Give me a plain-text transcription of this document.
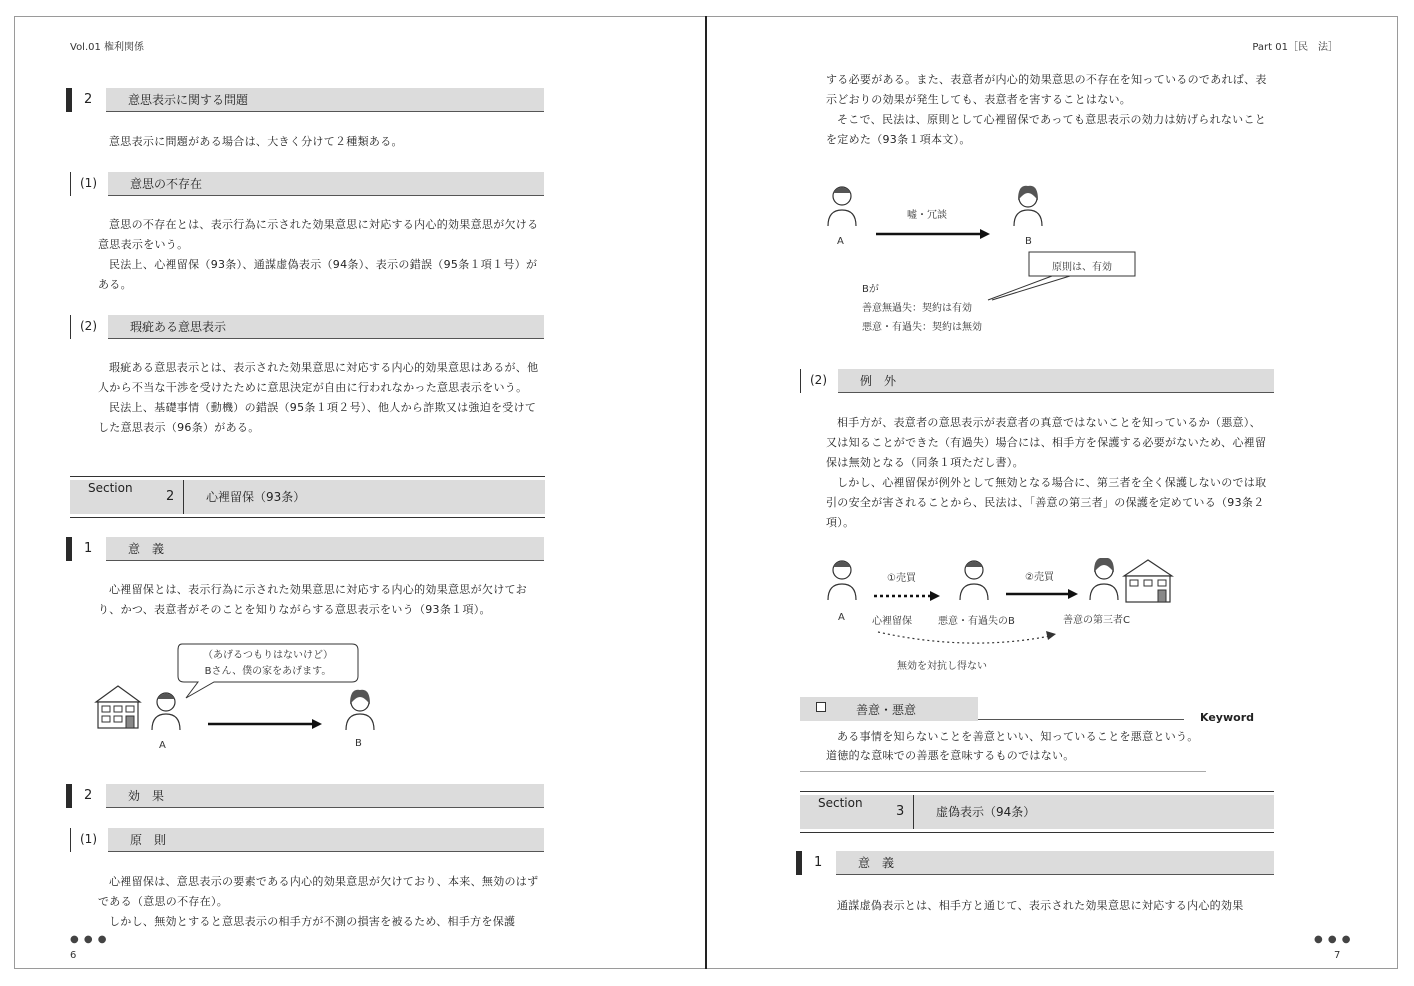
Vol.01 権利関係
2	意思表示に関する問題

意思表示に問題がある場合は、大きく分けて２種類ある。

(1)	意思の不存在

意思の不存在とは、表示行為に示された効果意思に対応する内心的効果意思が欠ける意思表示をいう。

民法上、心裡留保（93条）、通謀虚偽表示（94条）、表示の錯誤（95条１項１号）がある。

(2)	瑕疵ある意思表示

瑕疵ある意思表示とは、表示された効果意思に対応する内心的効果意思はあるが、他人から不当な干渉を受けたために意思決定が自由に行われなかった意思表示をいう。

民法上、基礎事情（動機）の錯誤（95条１項２号）、他人から詐欺又は強迫を受けてした意思表示（96条）がある。

Section
2	心裡留保（93条）
1	意　義

心裡留保とは、表示行為に示された効果意思に対応する内心的効果意思が欠けており、かつ、表意者がそのことを知りながらする意思表示をいう（93条１項）。

（あげるつもりはないけど）
Bさん、僕の家をあげます。
A	B
2	効　果
(1)	原　則

心裡留保は、意思表示の要素である内心的効果意思が欠けており、本来、無効のはずである（意思の不存在）。

しかし、無効とすると意思表示の相手方が不測の損害を被るため、相手方を保護

● ● ●
6
Part 01［民　法］
する必要がある。また、表意者が内心的効果意思の不存在を知っているのであれば、表示どおりの効果が発生しても、表意者を害することはない。

そこで、民法は、原則として心裡留保であっても意思表示の効力は妨げられないことを定めた（93条１項本文）。

嘘・冗談
A	B
原則は、有効
Bが
善意無過失：契約は有効
悪意・有過失：契約は無効
(2)	例　外

相手方が、表意者の意思表示が表意者の真意ではないことを知っているか（悪意）、又は知ることができた（有過失）場合には、相手方を保護する必要がないため、心裡留保は無効となる（同条１項ただし書）。

しかし、心裡留保が例外として無効となる場合に、第三者を全く保護しないのでは取引の安全が害されることから、民法は、「善意の第三者」の保護を定めている（93条２項）。

①売買	②売買
A	心裡留保	悪意・有過失のB	善意の第三者C
無効を対抗し得ない
善意・悪意
Keyword

ある事情を知らないことを善意といい、知っていることを悪意という。

道徳的な意味での善悪を意味するものではない。
Section
3	虚偽表示（94条）
1	意　義

通謀虚偽表示とは、相手方と通じて、表示された効果意思に対応する内心的効果

● ● ●
7
